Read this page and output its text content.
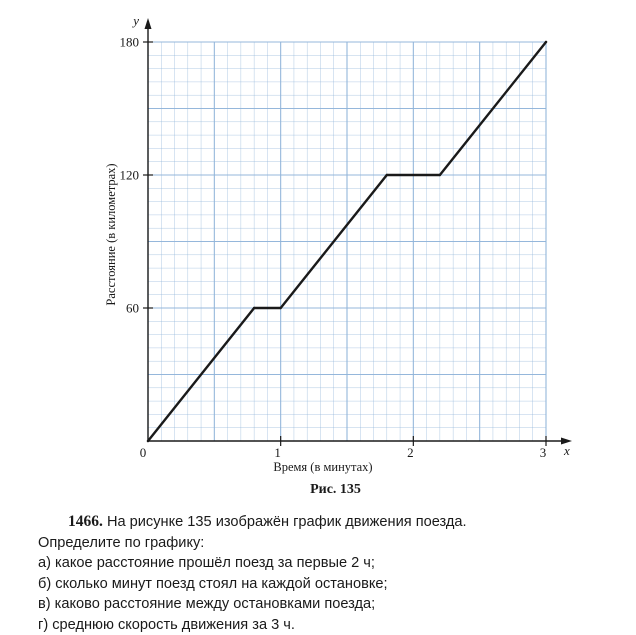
1	2	3
60
120
180
0	x
y
Время (в минутах)
Расстояние (в километрах)
Рис. 135
1466. На рисунке 135 изображён график движения поезда.
Определите по графику:
а) какое расстояние прошёл поезд за первые 2 ч;
б) сколько минут поезд стоял на каждой остановке;
в) каково расстояние между остановками поезда;
г) среднюю скорость движения за 3 ч.
